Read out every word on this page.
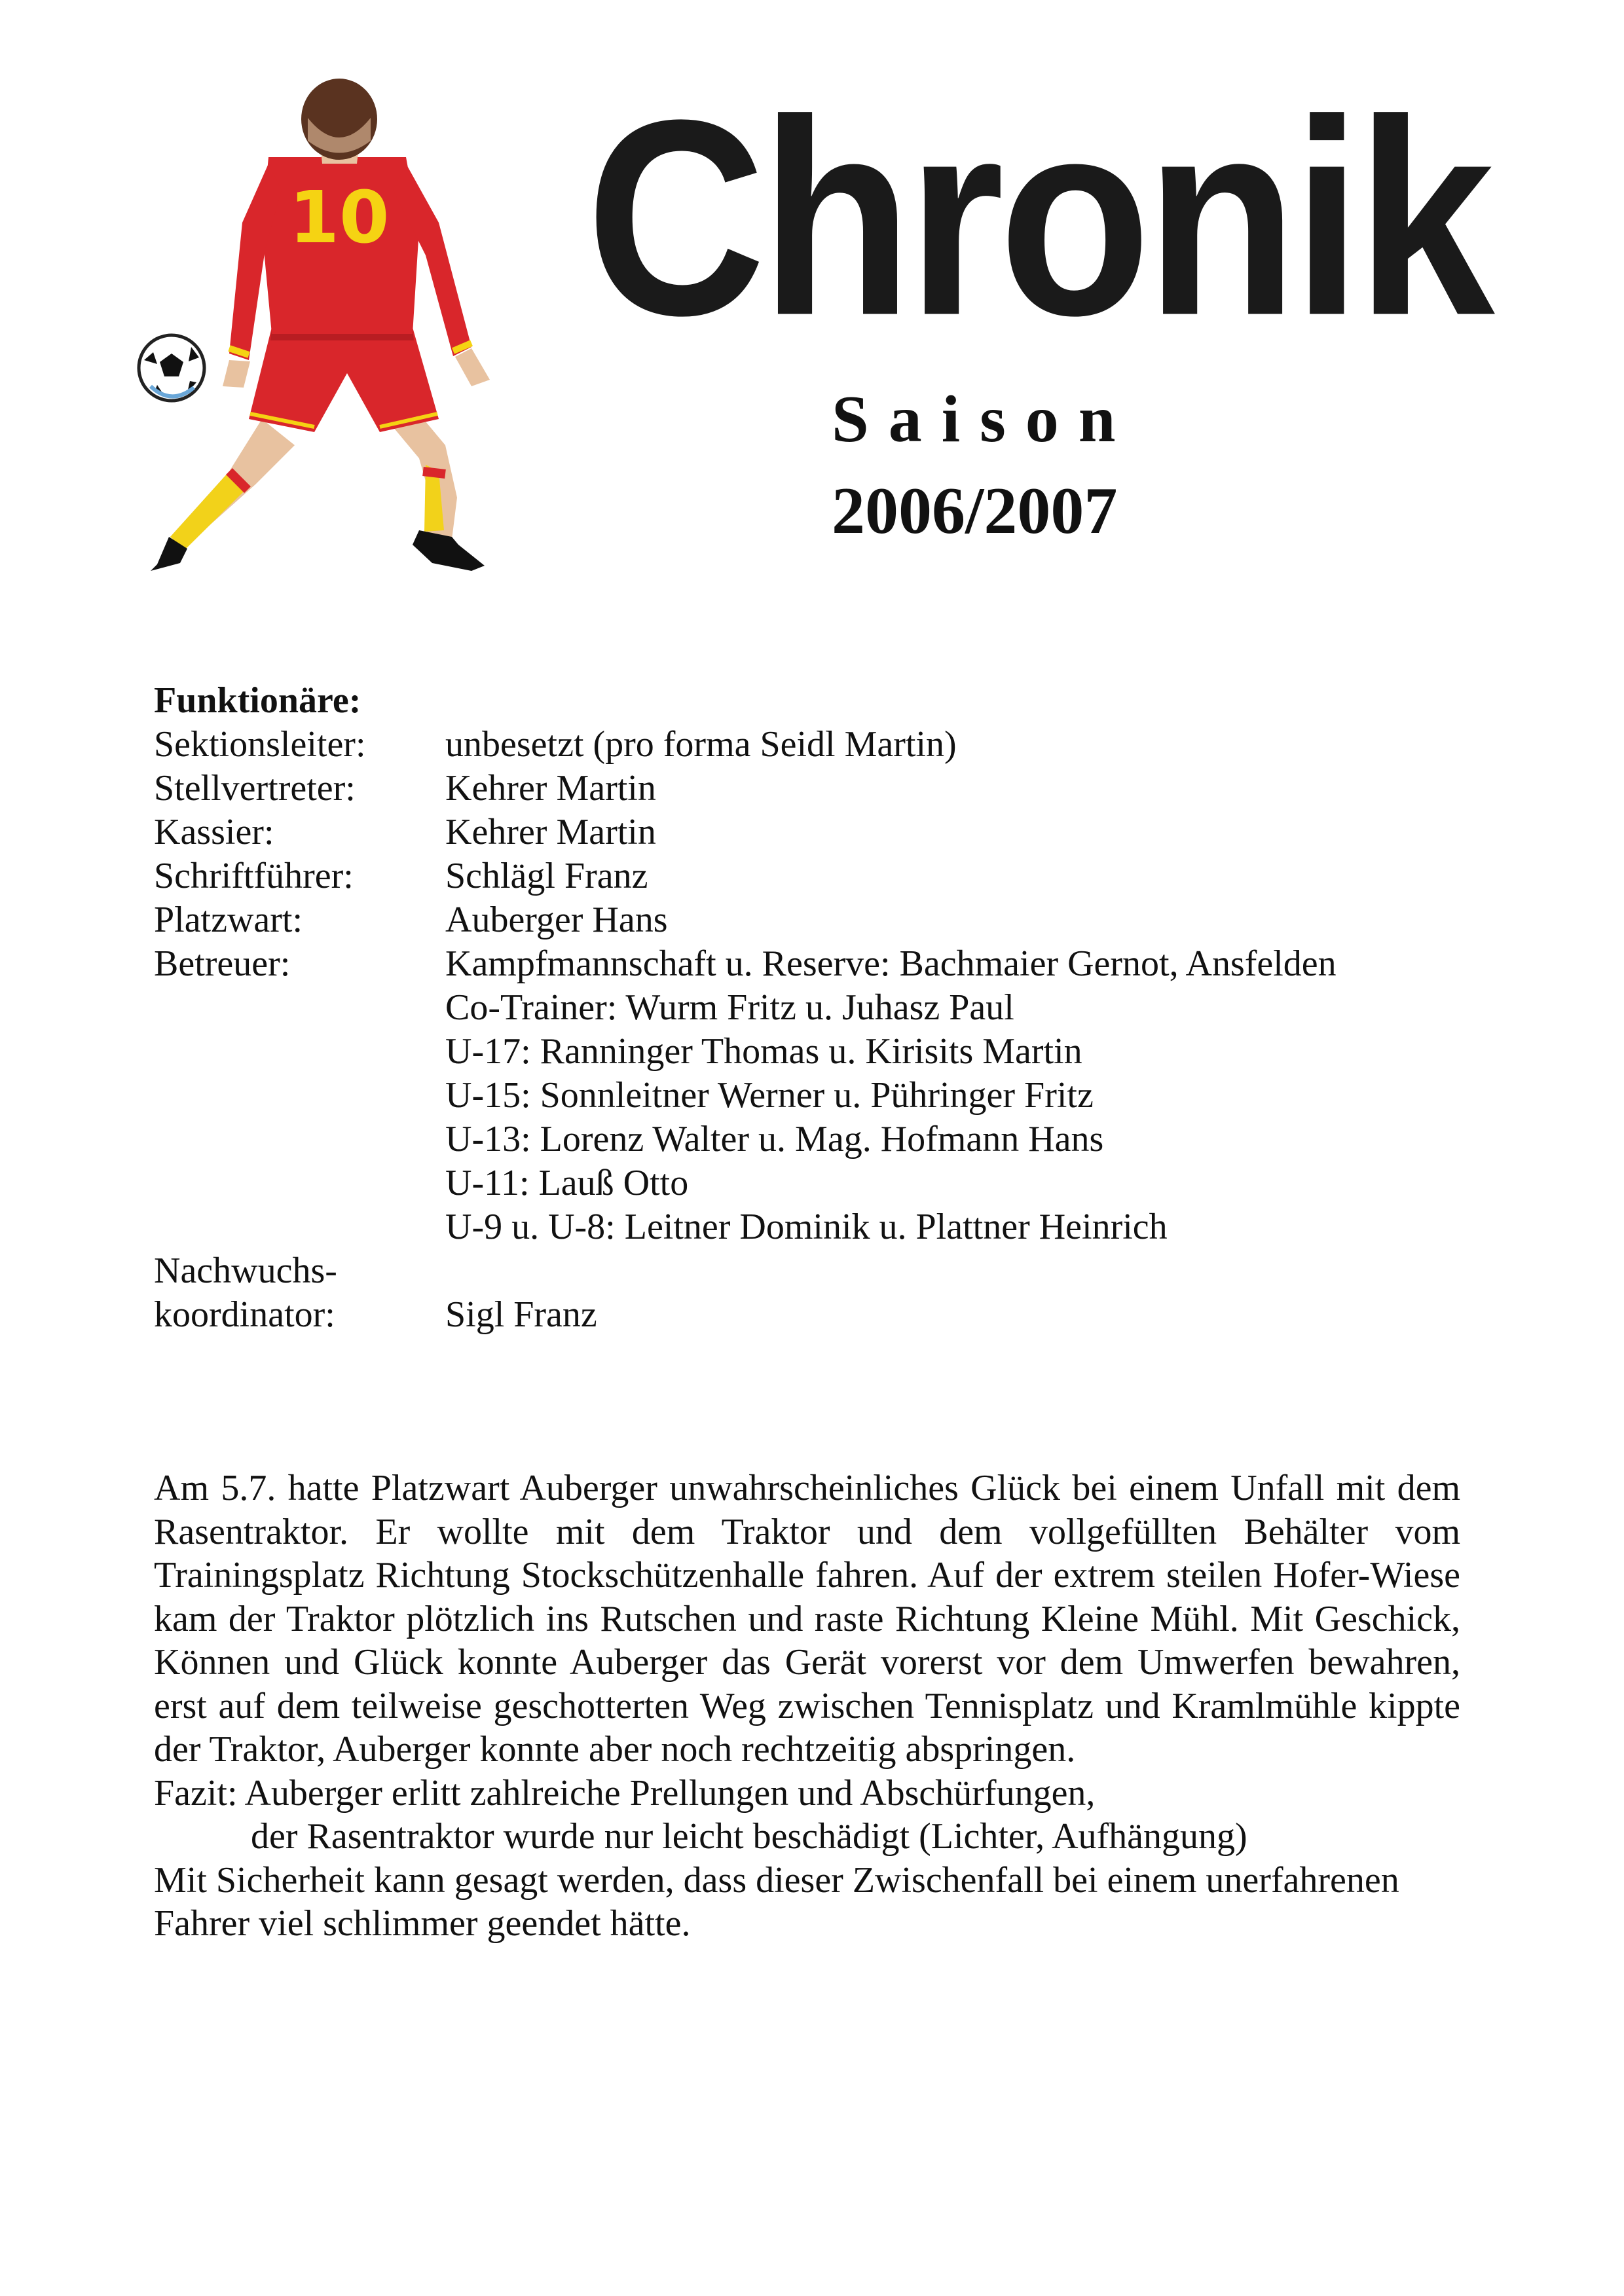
10 Chronik
Saison
2006/2007
Funktionäre:
Sektionsleiter:	unbesetzt (pro forma Seidl Martin)
Stellvertreter:	Kehrer Martin
Kassier:	Kehrer Martin
Schriftführer:	Schlägl Franz
Platzwart:	Auberger Hans
Betreuer:	Kampfmannschaft u. Reserve: Bachmaier Gernot, Ansfelden
Co-Trainer: Wurm Fritz u. Juhasz Paul
U-17: Ranninger Thomas u. Kirisits Martin
U-15: Sonnleitner Werner u. Pühringer Fritz
U-13: Lorenz Walter u. Mag. Hofmann Hans
U-11: Lauß Otto
U-9 u. U-8: Leitner Dominik u. Plattner Heinrich
Nachwuchs-

koordinator:	Sigl Franz
Am 5.7. hatte Platzwart Auberger unwahrscheinliches Glück bei einem Unfall mit dem Rasentraktor. Er wollte mit dem Traktor und dem vollgefüllten Behälter vom Trainingsplatz Richtung Stockschützenhalle fahren. Auf der extrem steilen Hofer-Wiese kam der Traktor plötzlich ins Rutschen und raste Richtung Kleine Mühl. Mit Geschick, Können und Glück konnte Auberger das Gerät vorerst vor dem Umwerfen bewahren, erst auf dem teilweise geschotterten Weg zwischen Tennisplatz und Kramlmühle kippte der Traktor, Auberger konnte aber noch rechtzeitig abspringen.
Fazit: Auberger erlitt zahlreiche Prellungen und Abschürfungen,
der Rasentraktor wurde nur leicht beschädigt (Lichter, Aufhängung)
Mit Sicherheit kann gesagt werden, dass dieser Zwischenfall bei einem unerfahrenen
Fahrer viel schlimmer geendet hätte.
